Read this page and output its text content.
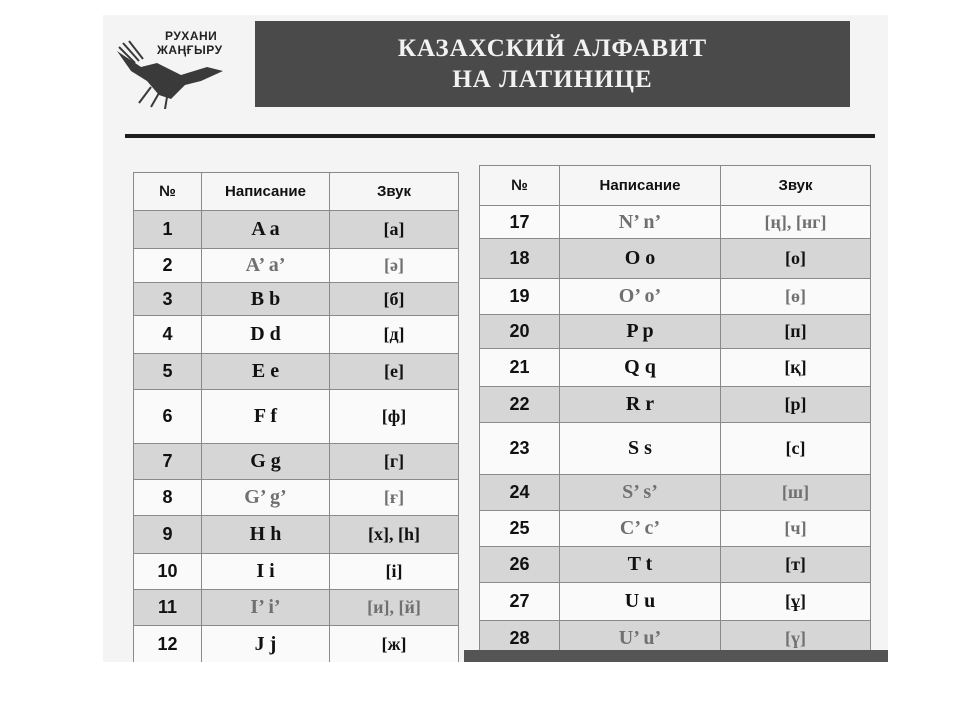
РУХАНИ
ЖАҢҒЫРУ	КАЗАХСКИЙ АЛФАВИТ
НА ЛАТИНИЦЕ
№	Написание	Звук
1	A a	[а]
2	A’ a’	[ә]
3	B b	[б]
4	D d	[д]
5	E e	[е]
6	F f	[ф]
7	G g	[г]
8	G’ g’	[ғ]
9	H h	[х], [h]
10	I i	[і]
11	I’ i’	[и], [й]
12	J j	[ж]
№	Написание	Звук
17	N’ n’	[ң], [нг]
18	O o	[о]
19	O’ o’	[ө]
20	P p	[п]
21	Q q	[қ]
22	R r	[р]
23	S s	[с]
24	S’ s’	[ш]
25	C’ c’	[ч]
26	T t	[т]
27	U u	[ұ]
28	U’ u’	[ү]
